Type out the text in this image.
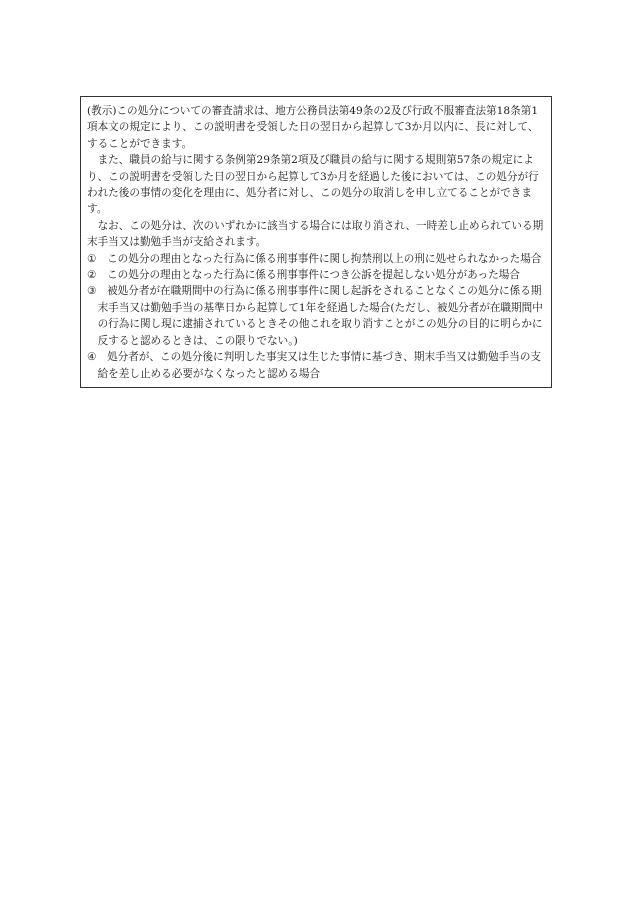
(教示)この処分についての審査請求は、地方公務員法第49条の2及び行政不服審査法第18条第1項本文の規定により、この説明書を受領した日の翌日から起算して3か月以内に、長に対して、することができます。

また、職員の給与に関する条例第29条第2項及び職員の給与に関する規則第57条の規定により、この説明書を受領した日の翌日から起算して3か月を経過した後においては、この処分が行われた後の事情の変化を理由に、処分者に対し、この処分の取消しを申し立てることができます。

なお、この処分は、次のいずれかに該当する場合には取り消され、一時差し止められている期末手当又は勤勉手当が支給されます。

① この処分の理由となった行為に係る刑事事件に関し拘禁刑以上の刑に処せられなかった場合

② この処分の理由となった行為に係る刑事事件につき公訴を提起しない処分があった場合

③ 被処分者が在職期間中の行為に係る刑事事件に関し起訴をされることなくこの処分に係る期末手当又は勤勉手当の基準日から起算して1年を経過した場合(ただし、被処分者が在職期間中の行為に関し現に逮捕されているときその他これを取り消すことがこの処分の目的に明らかに反すると認めるときは、この限りでない。)

④ 処分者が、この処分後に判明した事実又は生じた事情に基づき、期末手当又は勤勉手当の支給を差し止める必要がなくなったと認める場合
